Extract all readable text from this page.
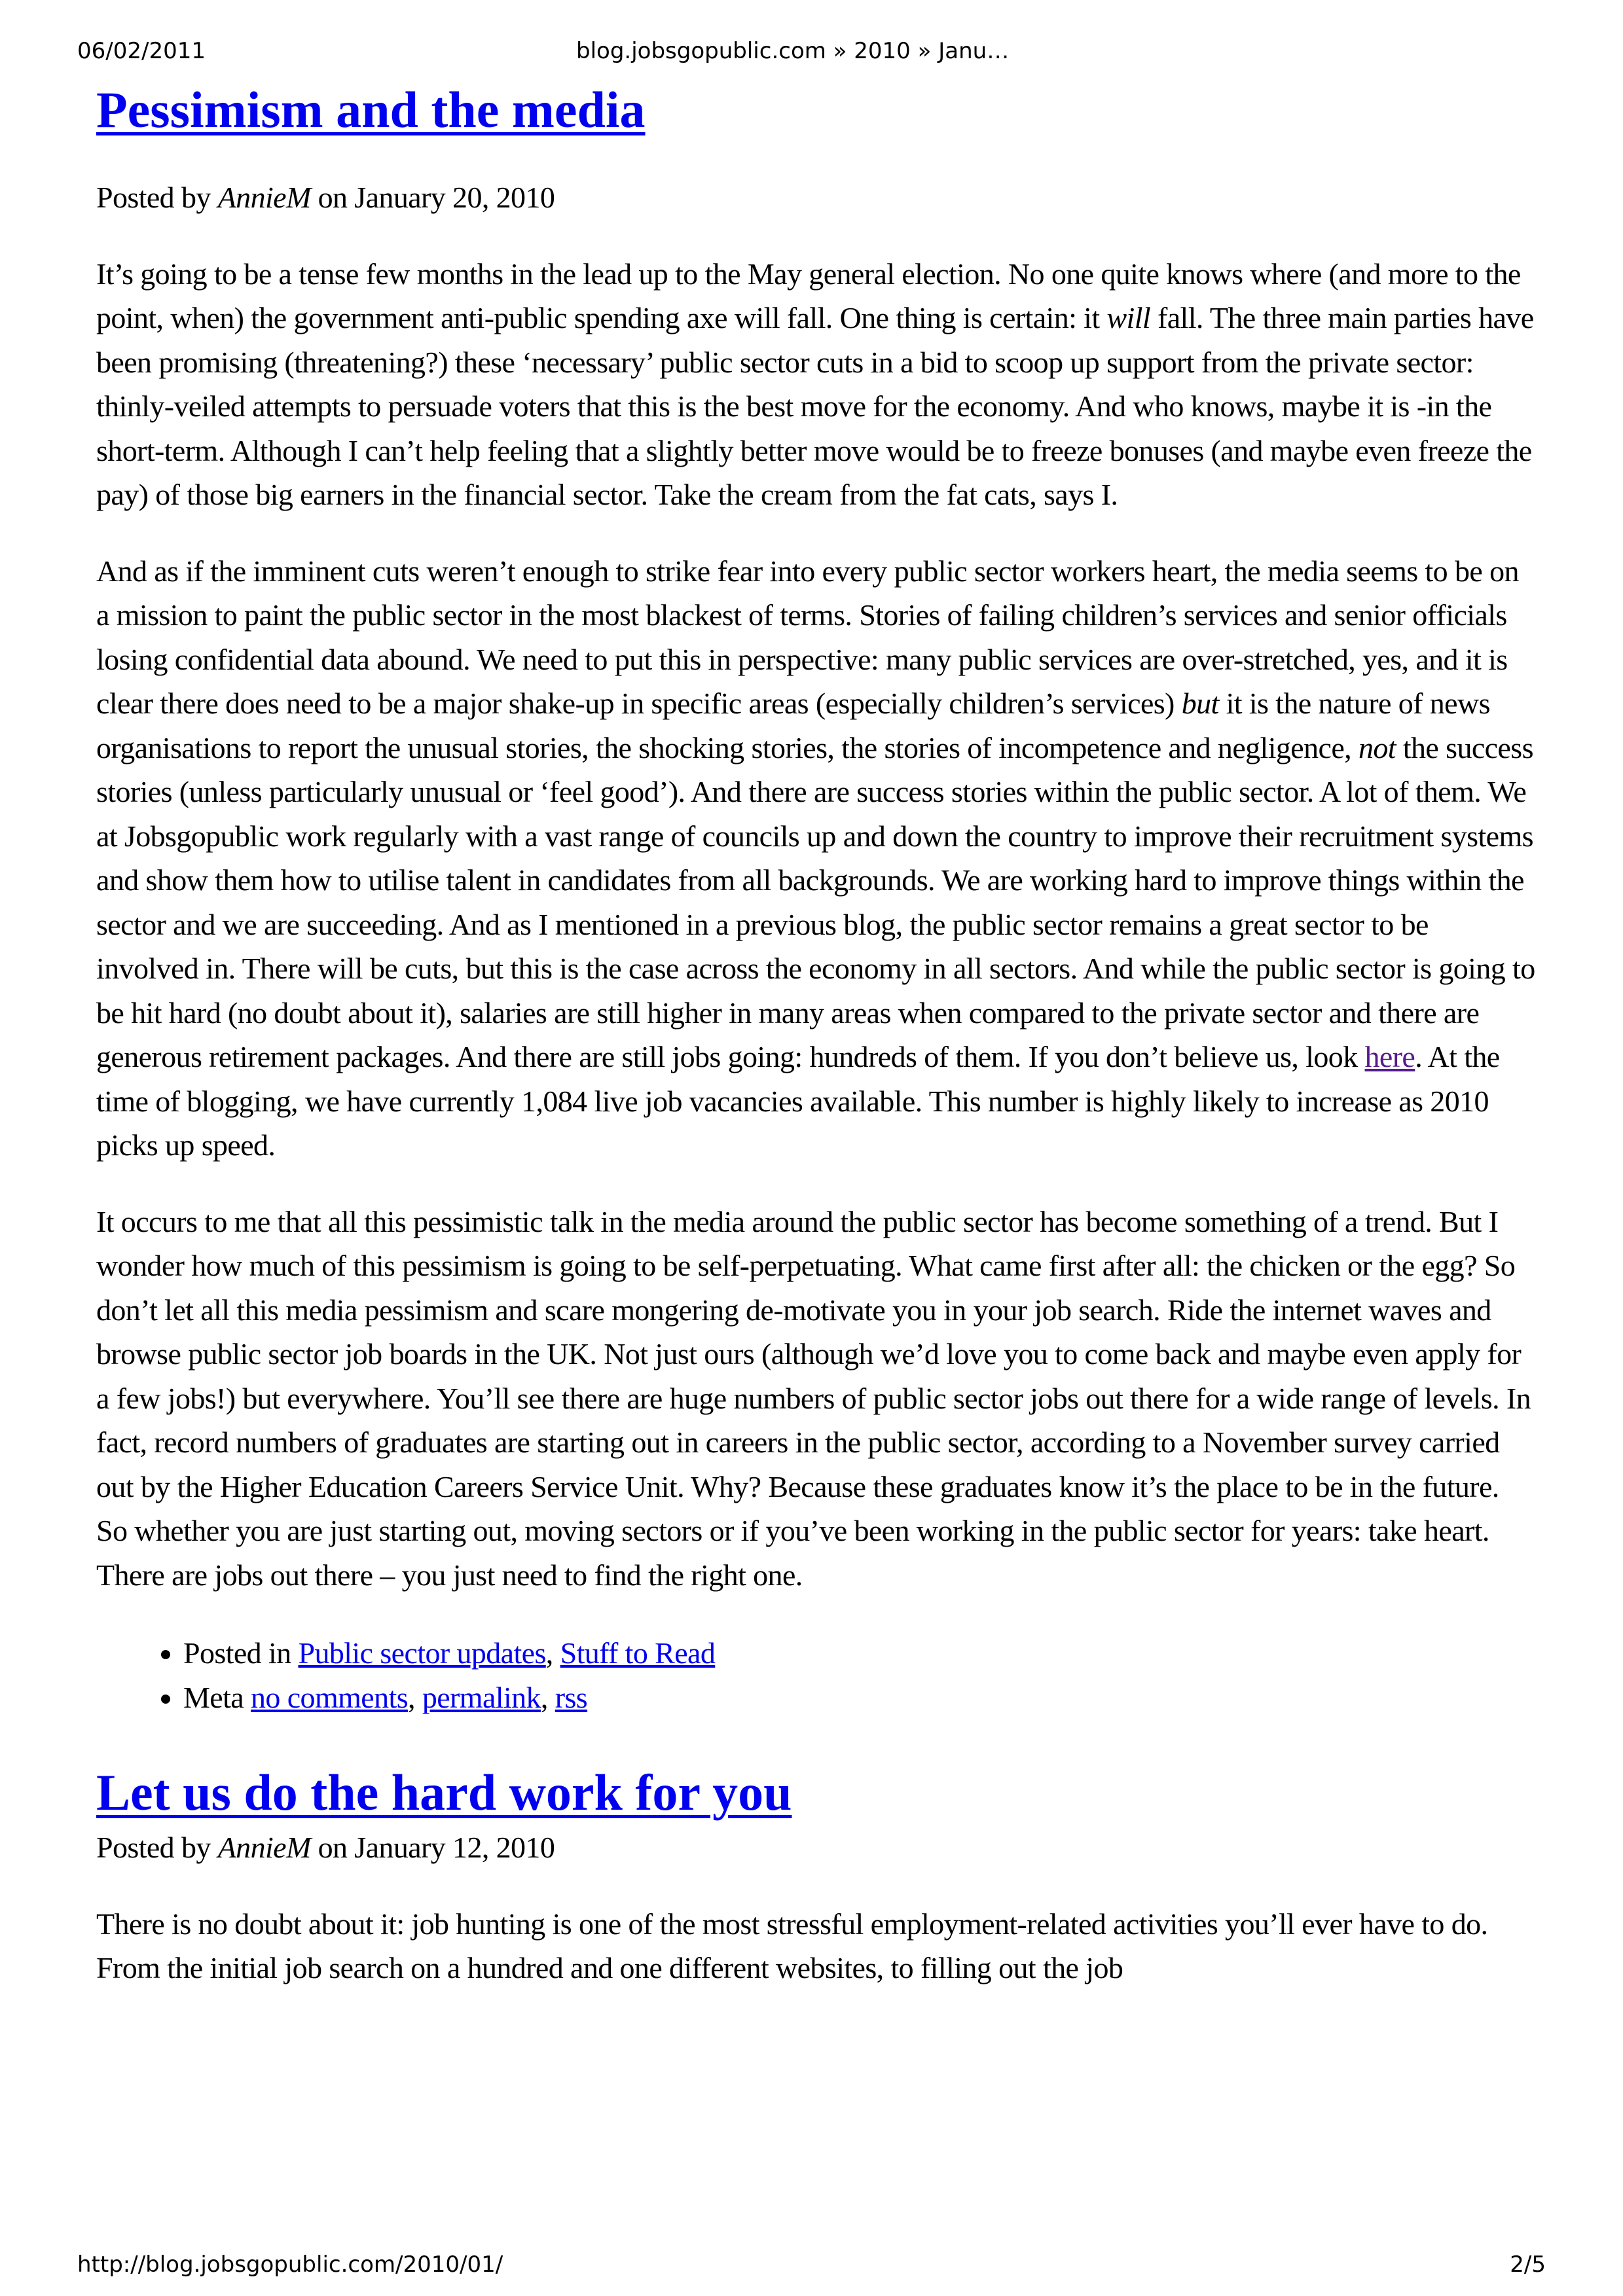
06/02/2011	blog.jobsgopublic.com » 2010 » Janu…
Pessimism and the media

Posted by AnnieM on January 20, 2010

It’s going to be a tense few months in the lead up to the May general election. No one quite knows where (and more to the point, when) the government anti-public spending axe will fall. One thing is certain: it will fall. The three main parties have been promising (threatening?) these ‘necessary’ public sector cuts in a bid to scoop up support from the private sector: thinly-veiled attempts to persuade voters that this is the best move for the economy. And who knows, maybe it is -in the short-term. Although I can’t help feeling that a slightly better move would be to freeze bonuses (and maybe even freeze the pay) of those big earners in the financial sector. Take the cream from the fat cats, says I.

And as if the imminent cuts weren’t enough to strike fear into every public sector workers heart, the media seems to be on a mission to paint the public sector in the most blackest of terms. Stories of failing children’s services and senior officials losing confidential data abound. We need to put this in perspective: many public services are over-stretched, yes, and it is clear there does need to be a major shake-up in specific areas (especially children’s services) but it is the nature of news organisations to report the unusual stories, the shocking stories, the stories of incompetence and negligence, not the success stories (unless particularly unusual or ‘feel good’). And there are success stories within the public sector. A lot of them. We at Jobsgopublic work regularly with a vast range of councils up and down the country to improve their recruitment systems and show them how to utilise talent in candidates from all backgrounds. We are working hard to improve things within the sector and we are succeeding. And as I mentioned in a previous blog, the public sector remains a great sector to be involved in. There will be cuts, but this is the case across the economy in all sectors. And while the public sector is going to be hit hard (no doubt about it), salaries are still higher in many areas when compared to the private sector and there are generous retirement packages. And there are still jobs going: hundreds of them. If you don’t believe us, look here. At the time of blogging, we have currently 1,084 live job vacancies available. This number is highly likely to increase as 2010 picks up speed.

It occurs to me that all this pessimistic talk in the media around the public sector has become something of a trend. But I wonder how much of this pessimism is going to be self-perpetuating. What came first after all: the chicken or the egg? So don’t let all this media pessimism and scare mongering de-motivate you in your job search. Ride the internet waves and browse public sector job boards in the UK. Not just ours (although we’d love you to come back and maybe even apply for a few jobs!) but everywhere. You’ll see there are huge numbers of public sector jobs out there for a wide range of levels. In fact, record numbers of graduates are starting out in careers in the public sector, according to a November survey carried out by the Higher Education Careers Service Unit. Why? Because these graduates know it’s the place to be in the future. So whether you are just starting out, moving sectors or if you’ve been working in the public sector for years: take heart. There are jobs out there – you just need to find the right one.

• Posted in Public sector updates, Stuff to Read
• Meta no comments, permalink, rss
Let us do the hard work for you

Posted by AnnieM on January 12, 2010

There is no doubt about it: job hunting is one of the most stressful employment-related activities you’ll ever have to do. From the initial job search on a hundred and one different websites, to filling out the job

http://blog.jobsgopublic.com/2010/01/	2/5
